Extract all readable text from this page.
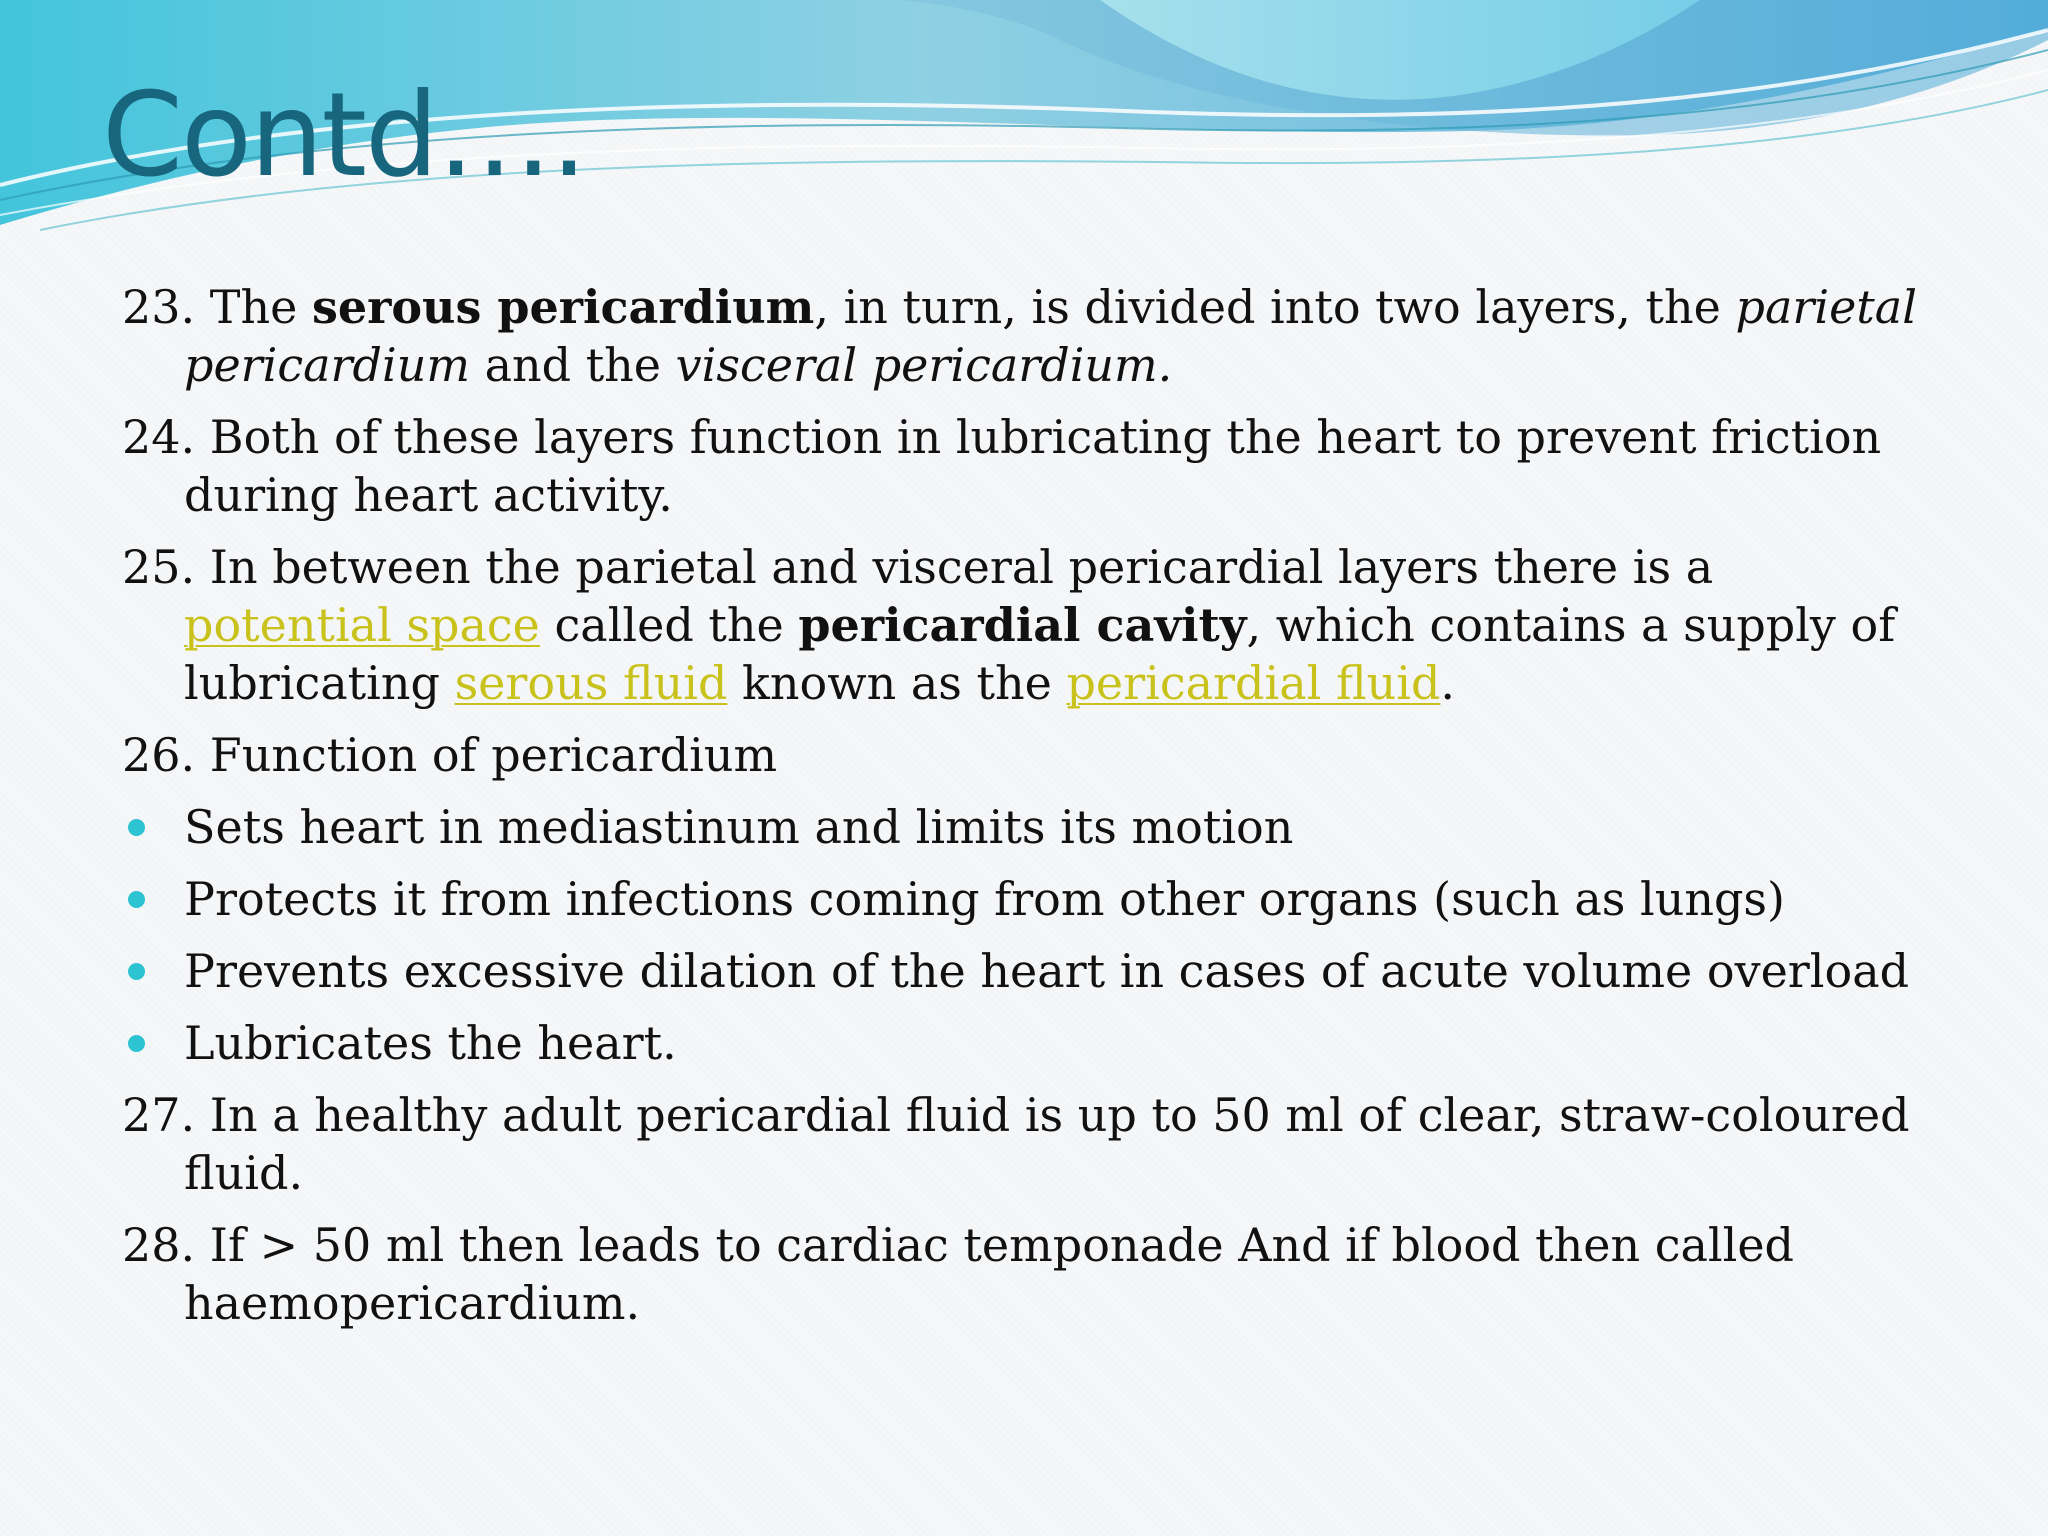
Contd….

23. The serous pericardium, in turn, is divided into two layers, the parietal pericardium and the visceral pericardium.

24. Both of these layers function in lubricating the heart to prevent friction during heart activity.

25. In between the parietal and visceral pericardial layers there is a potential space called the pericardial cavity, which contains a supply of lubricating serous fluid known as the pericardial fluid.

26. Function of pericardium

Sets heart in mediastinum and limits its motion

Protects it from infections coming from other organs (such as lungs)

Prevents excessive dilation of the heart in cases of acute volume overload

Lubricates the heart.

27. In a healthy adult pericardial fluid is up to 50 ml of clear, straw-coloured fluid.

28. If > 50 ml then leads to cardiac temponade And if blood then called haemopericardium.
